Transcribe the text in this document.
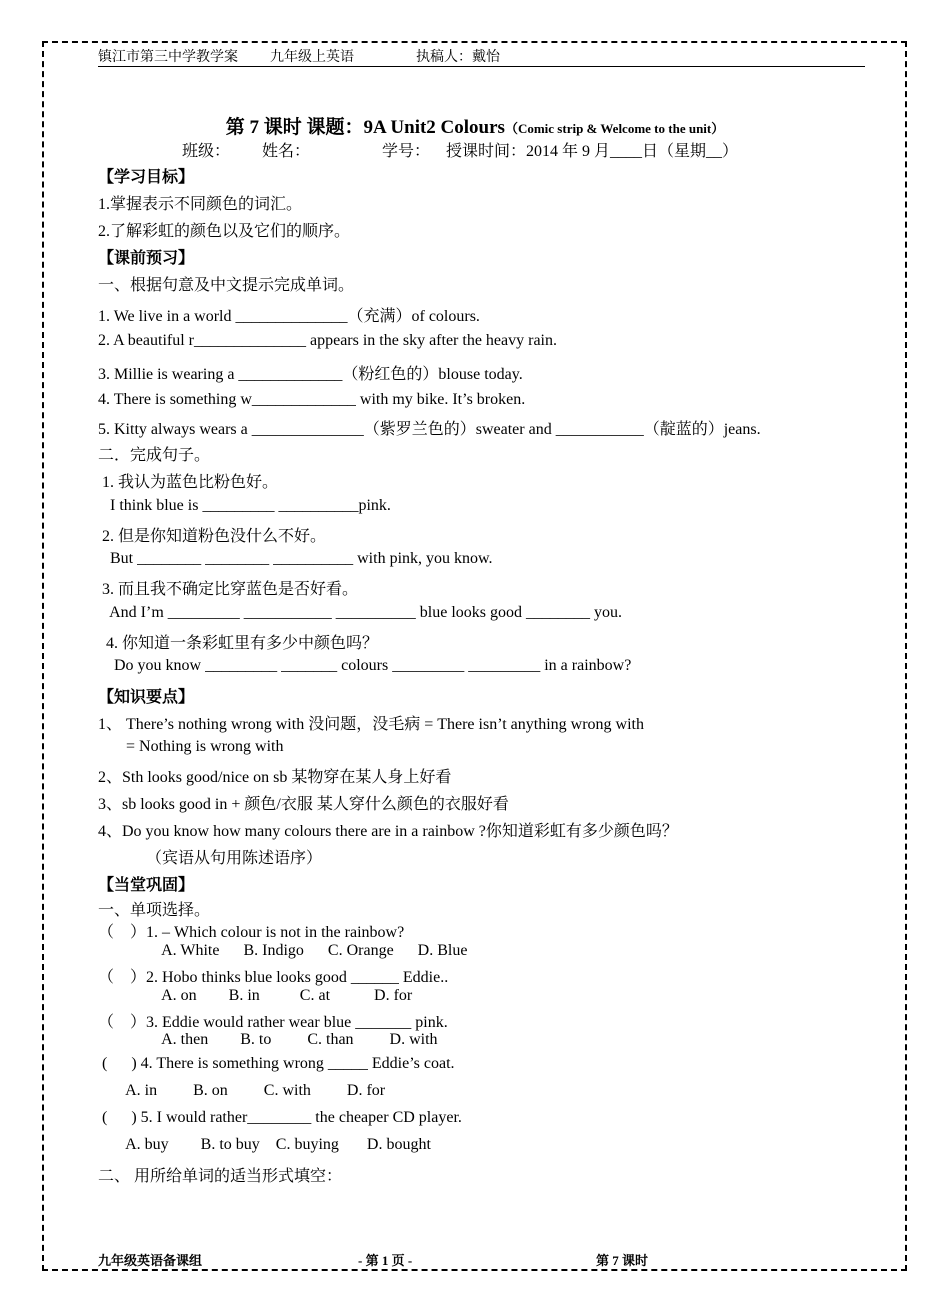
镇江市第三中学教学案

九年级上英语

	执稿人：戴怡

第 7 课时 课题：9A Unit2 Colours（Comic strip & Welcome to the unit）
班级：        姓名：                  学号：    授课时间：2014 年 9 月____日（星期__）
【学习目标】
1.掌握表示不同颜色的词汇。
2.了解彩虹的颜色以及它们的顺序。
【课前预习】
一、根据句意及中文提示完成单词。
1. We live in a world ______________（充满）of colours.
2. A beautiful r______________ appears in the sky after the heavy rain.
3. Millie is wearing a _____________（粉红色的）blouse today.
4. There is something w_____________ with my bike. It’s broken.
5. Kitty always wears a ______________（紫罗兰色的）sweater and ___________（靛蓝的）jeans.
二．完成句子。
1. 我认为蓝色比粉色好。
I think blue is _________ __________pink.
2. 但是你知道粉色没什么不好。
But ________ ________ __________ with pink, you know.
3. 而且我不确定比穿蓝色是否好看。
And I’m _________ ___________ __________ blue looks good ________ you.
4. 你知道一条彩虹里有多少中颜色吗？
Do you know _________ _______ colours _________ _________ in a rainbow?
【知识要点】
1、 There’s nothing wrong with 没问题，没毛病 = There isn’t anything wrong with
= Nothing is wrong with
2、Sth looks good/nice on sb 某物穿在某人身上好看
3、sb looks good in + 颜色/衣服 某人穿什么颜色的衣服好看
4、Do you know how many colours there are in a rainbow ?你知道彩虹有多少颜色吗？
（宾语从句用陈述语序）
【当堂巩固】
一、单项选择。
（    ）1. – Which colour is not in the rainbow?
A. White      B. Indigo      C. Orange      D. Blue
（    ）2. Hobo thinks blue looks good ______ Eddie..
A. on        B. in          C. at           D. for
（    ）3. Eddie would rather wear blue _______ pink.
A. then        B. to         C. than         D. with
(      ) 4. There is something wrong _____ Eddie’s coat.
A. in         B. on         C. with         D. for
(      ) 5. I would rather________ the cheaper CD player.
A. buy        B. to buy    C. buying       D. bought
二、 用所给单词的适当形式填空：
九年级英语备课组	- 第 1 页 -	第 7 课时
